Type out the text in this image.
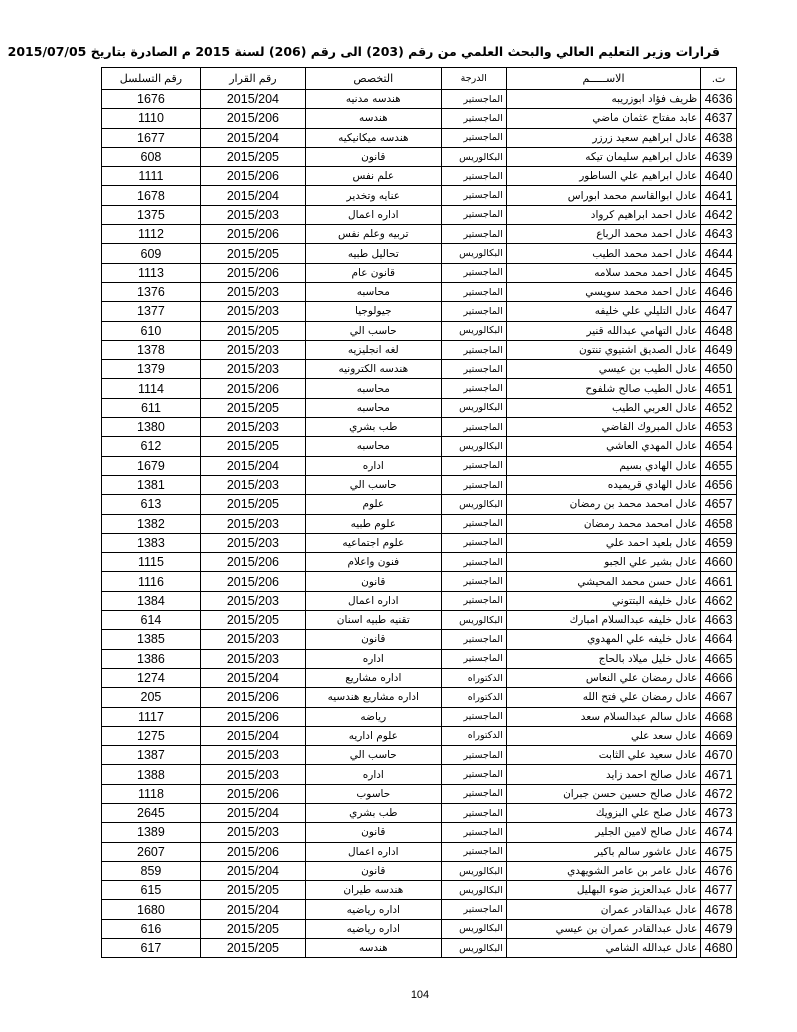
قرارات وزير التعليم العالي والبحث العلمي من رقم (203) الى رقم (206) لسنة 2015 م الصادرة بتاريخ 2015/07/05
ت.	الاســـــم	الدرجة	التخصص	رقم القرار	رقم التسلسل
4636	ظريف فؤاد ابوزريبه	الماجستير	هندسه مدنيه	2015/204	1676
4637	عابد مفتاح عثمان ماضي	الماجستير	هندسه	2015/206	1110
4638	عادل ابراهيم سعيد زرزر	الماجستير	هندسه ميكانيكيه	2015/204	1677
4639	عادل ابراهيم سليمان تيكه	البكالوريس	قانون	2015/205	608
4640	عادل ابراهيم علي الساطور	الماجستير	علم نفس	2015/206	1111
4641	عادل ابوالقاسم محمد ابوراس	الماجستير	عنايه وتخدير	2015/204	1678
4642	عادل احمد ابراهيم كرواد	الماجستير	اداره اعمال	2015/203	1375
4643	عادل احمد محمد الرباع	الماجستير	تربيه وعلم نفس	2015/206	1112
4644	عادل احمد محمد الطيب	البكالوريس	تحاليل طبيه	2015/205	609
4645	عادل احمد محمد سلامه	الماجستير	قانون عام	2015/206	1113
4646	عادل احمد محمد سويسي	الماجستير	محاسبه	2015/203	1376
4647	عادل التليلي علي خليفه	الماجستير	جيولوجيا	2015/203	1377
4648	عادل التهامي عبدالله قنير	البكالوريس	حاسب الي	2015/205	610
4649	عادل الصديق اشتيوي تنتون	الماجستير	لغه انجليزيه	2015/203	1378
4650	عادل الطيب بن عيسي	الماجستير	هندسه الكترونيه	2015/203	1379
4651	عادل الطيب صالح شلفوح	الماجستير	محاسبه	2015/206	1114
4652	عادل العربي الطيب	البكالوريس	محاسبه	2015/205	611
4653	عادل المبروك القاضي	الماجستير	طب بشري	2015/203	1380
4654	عادل المهدي العاشي	البكالوريس	محاسبه	2015/205	612
4655	عادل الهادي بسيم	الماجستير	اداره	2015/204	1679
4656	عادل الهادي قريميده	الماجستير	حاسب الي	2015/203	1381
4657	عادل امحمد محمد بن رمضان	البكالوريس	علوم	2015/205	613
4658	عادل امحمد محمد رمضان	الماجستير	علوم طبيه	2015/203	1382
4659	عادل بلعيد احمد علي	الماجستير	علوم اجتماعيه	2015/203	1383
4660	عادل بشير علي الجبو	الماجستير	فنون واعلام	2015/206	1115
4661	عادل حسن محمد المحيشي	الماجستير	قانون	2015/206	1116
4662	عادل خليفه البتتوني	الماجستير	اداره اعمال	2015/203	1384
4663	عادل خليفه عبدالسلام امبارك	البكالوريس	تقنيه طبيه اسنان	2015/205	614
4664	عادل خليفه علي المهدوي	الماجستير	قانون	2015/203	1385
4665	عادل خليل ميلاد بالحاج	الماجستير	اداره	2015/203	1386
4666	عادل رمضان علي النعاس	الدكتوراه	اداره مشاريع	2015/204	1274
4667	عادل رمضان علي فتح الله	الدكتوراه	اداره مشاريع هندسيه	2015/206	205
4668	عادل سالم عبدالسلام سعد	الماجستير	رياضه	2015/206	1117
4669	عادل سعد علي	الدكتوراه	علوم اداريه	2015/204	1275
4670	عادل سعيد علي الثابت	الماجستير	حاسب الي	2015/203	1387
4671	عادل صالح احمد زايد	الماجستير	اداره	2015/203	1388
4672	عادل صالح حسين حسن جبران	الماجستير	حاسوب	2015/206	1118
4673	عادل صلح علي البزويك	الماجستير	طب بشري	2015/204	2645
4674	عادل صالح لامين الجلير	الماجستير	قانون	2015/203	1389
4675	عادل عاشور سالم باكير	الماجستير	اداره اعمال	2015/206	2607
4676	عادل عامر بن عامر الشويهدي	البكالوريس	قانون	2015/204	859
4677	عادل عبدالعزيز ضوء البهليل	البكالوريس	هندسه طيران	2015/205	615
4678	عادل عبدالقادر عمران	الماجستير	اداره رياضيه	2015/204	1680
4679	عادل عبدالقادر عمران بن عيسي	البكالوريس	اداره رياضيه	2015/205	616
4680	عادل عبدالله الشامي	البكالوريس	هندسه	2015/205	617
104
